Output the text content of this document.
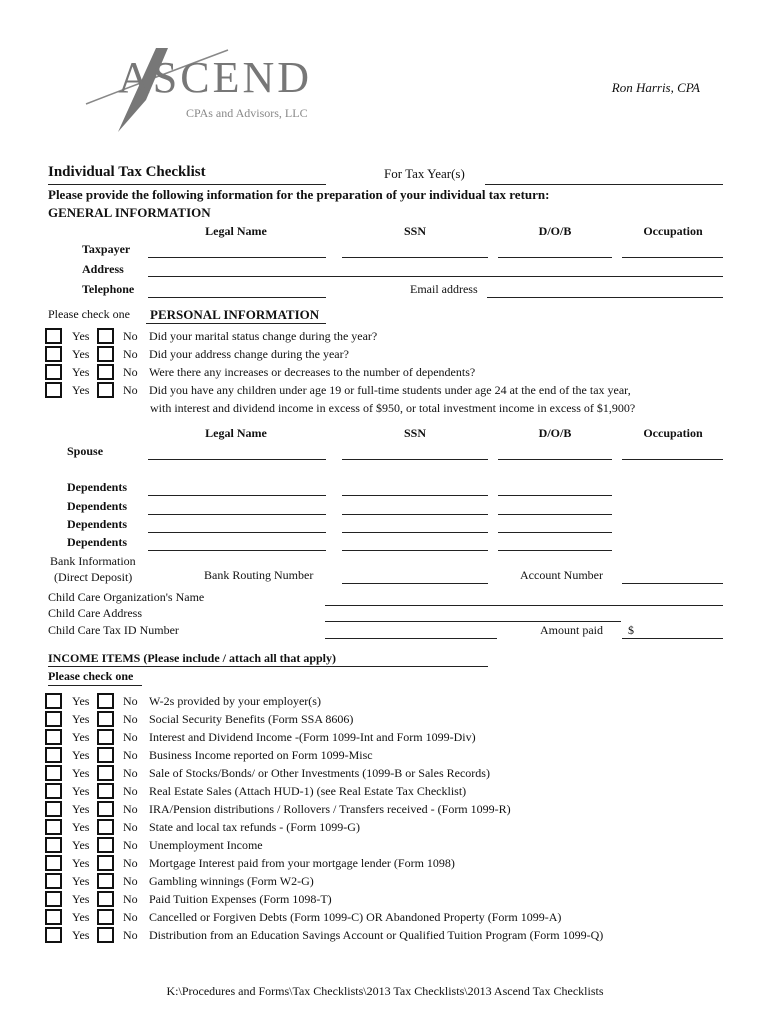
ASCEND
CPAs and Advisors, LLC
Ron Harris, CPA
Individual Tax Checklist	For Tax Year(s)
Please provide the following information for the preparation of your individual tax return:
GENERAL INFORMATION
Legal Name	SSN	D/O/B	Occupation
Taxpayer
Address
Telephone	Email address
Please check one PERSONAL INFORMATION
Yes	No Did your marital status change during the year?
Yes	No Did your address change during the year?
Yes	No Were there any increases or decreases to the number of dependents?
Yes	No Did you have any children under age 19 or full-time students under age 24 at the end of the tax year,
with interest and dividend income in excess of $950, or total investment income in excess of $1,900?
Legal Name	SSN	D/O/B	Occupation
Spouse
Dependents
Dependents
Dependents
Dependents
Bank Information
(Direct Deposit)	Bank Routing Number	Account Number
Child Care Organization's Name
Child Care Address
Child Care Tax ID Number	Amount paid $
INCOME ITEMS (Please include / attach all that apply)
Please check one
Yes	No W-2s provided by your employer(s)
Yes	No Social Security Benefits (Form SSA 8606)
Yes	No Interest and Dividend Income -(Form 1099-Int and Form 1099-Div)
Yes	No Business Income reported on Form 1099-Misc
Yes	No Sale of Stocks/Bonds/ or Other Investments (1099-B or Sales Records)
Yes	No Real Estate Sales (Attach HUD-1) (see Real Estate Tax Checklist)
Yes	No IRA/Pension distributions / Rollovers / Transfers received - (Form 1099-R)
Yes	No State and local tax refunds - (Form 1099-G)
Yes	No Unemployment Income
Yes	No Mortgage Interest paid from your mortgage lender (Form 1098)
Yes	No Gambling winnings (Form W2-G)
Yes	No Paid Tuition Expenses (Form 1098-T)
Yes	No Cancelled or Forgiven Debts (Form 1099-C) OR Abandoned Property (Form 1099-A)
Yes	No Distribution from an Education Savings Account or Qualified Tuition Program (Form 1099-Q)
K:\Procedures and Forms\Tax Checklists\2013 Tax Checklists\2013 Ascend Tax Checklists
